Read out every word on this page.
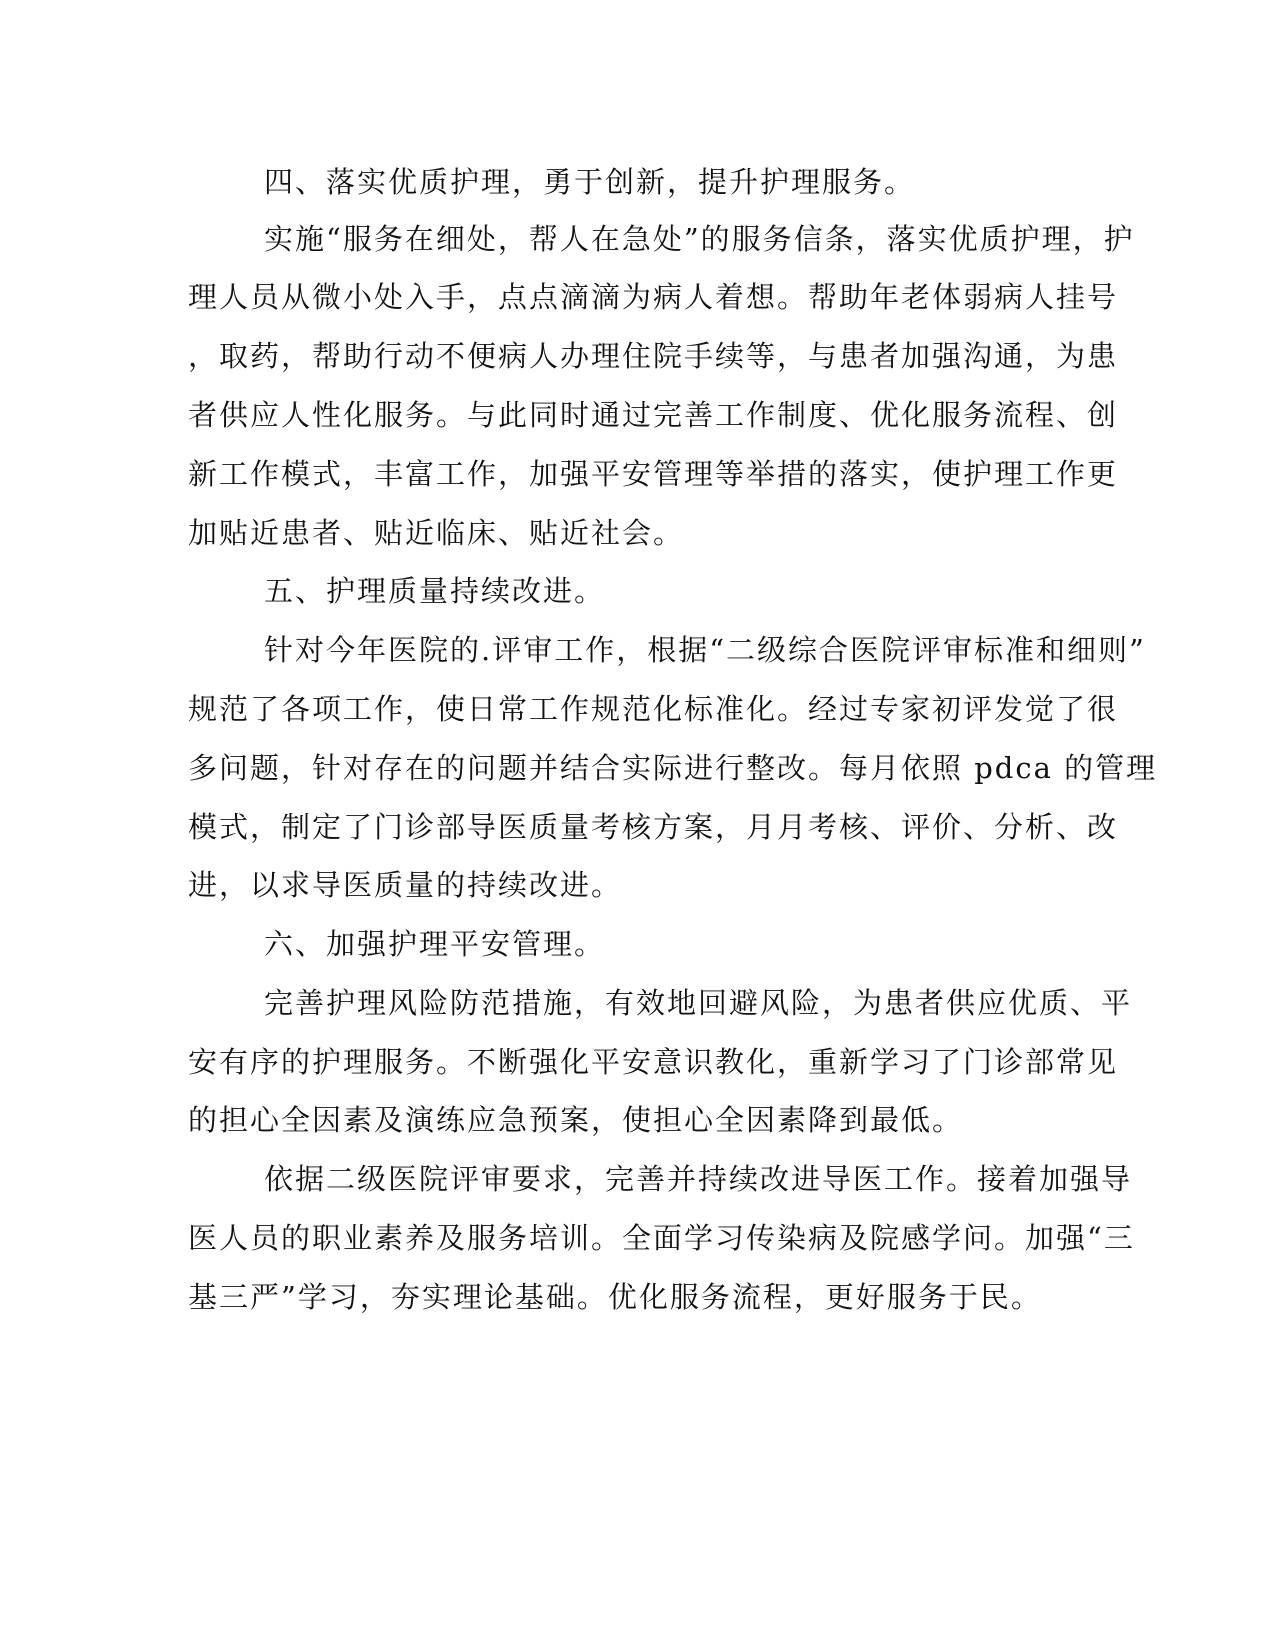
四、落实优质护理，勇于创新，提升护理服务。
实施“服务在细处，帮人在急处”的服务信条，落实优质护理，护
理人员从微小处入手，点点滴滴为病人着想。帮助年老体弱病人挂号
，取药，帮助行动不便病人办理住院手续等，与患者加强沟通，为患
者供应人性化服务。与此同时通过完善工作制度、优化服务流程、创
新工作模式，丰富工作，加强平安管理等举措的落实，使护理工作更
加贴近患者、贴近临床、贴近社会。
五、护理质量持续改进。
针对今年医院的.评审工作，根据“二级综合医院评审标准和细则”
规范了各项工作，使日常工作规范化标准化。经过专家初评发觉了很
多问题，针对存在的问题并结合实际进行整改。每月依照 pdca 的管理
模式，制定了门诊部导医质量考核方案，月月考核、评价、分析、改
进，以求导医质量的持续改进。
六、加强护理平安管理。
完善护理风险防范措施，有效地回避风险，为患者供应优质、平
安有序的护理服务。不断强化平安意识教化，重新学习了门诊部常见
的担心全因素及演练应急预案，使担心全因素降到最低。
依据二级医院评审要求，完善并持续改进导医工作。接着加强导
医人员的职业素养及服务培训。全面学习传染病及院感学问。加强“三
基三严”学习，夯实理论基础。优化服务流程，更好服务于民。
